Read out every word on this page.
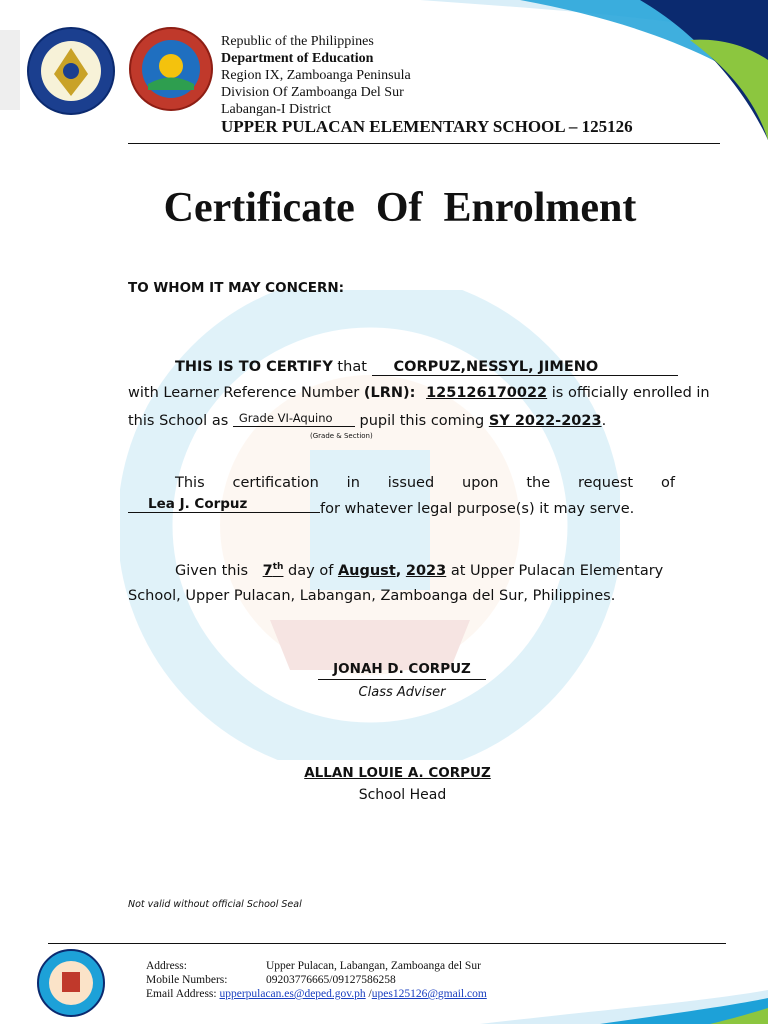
Republic of the Philippines
Department of Education
Region IX, Zamboanga Peninsula
Division Of Zamboanga Del Sur
Labangan-I District
UPPER PULACAN ELEMENTARY SCHOOL – 125126
Certificate  Of  Enrolment
TO WHOM IT MAY CONCERN:
THIS IS TO CERTIFY that CORPUZ,NESSYL, JIMENO
with Learner Reference Number (LRN): 125126170022 is officially enrolled in
this School as Grade VI-Aquino pupil this coming SY 2022-2023.
(Grade & Section)
This certification in issued upon the request of
Lea J. Corpuz	for whatever legal purpose(s) it may serve.
Given this 7th day of August, 2023 at Upper Pulacan Elementary
School, Upper Pulacan, Labangan, Zamboanga del Sur, Philippines.
JONAH D. CORPUZ
Class Adviser
ALLAN LOUIE A. CORPUZ
School Head
Not valid without official School Seal
Address:	Upper Pulacan, Labangan, Zamboanga del Sur
Mobile Numbers:	09203776665/09127586258
Email Address: upperpulacan.es@deped.gov.ph /upes125126@gmail.com
